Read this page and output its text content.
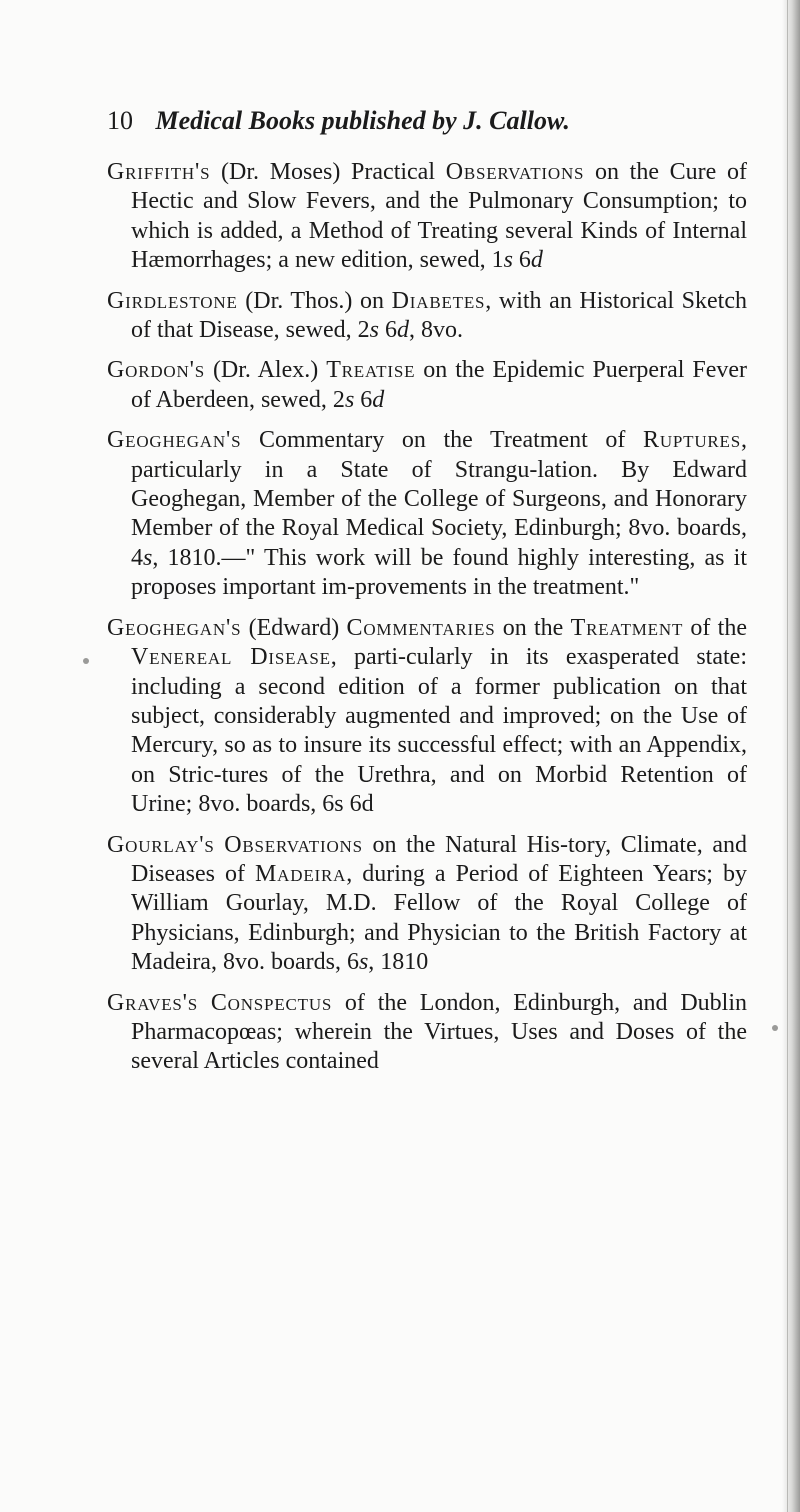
10 Medical Books published by J. Callow.

Griffith's (Dr. Moses) Practical Observations on the Cure of Hectic and Slow Fevers, and the Pulmonary Consumption; to which is added, a Method of Treating several Kinds of Internal Hæmorrhages; a new edition, sewed, 1s 6d

Girdlestone (Dr. Thos.) on Diabetes, with an Historical Sketch of that Disease, sewed, 2s 6d, 8vo.

Gordon's (Dr. Alex.) Treatise on the Epidemic Puerperal Fever of Aberdeen, sewed, 2s 6d

Geoghegan's Commentary on the Treatment of Ruptures, particularly in a State of Strangu-lation. By Edward Geoghegan, Member of the College of Surgeons, and Honorary Member of the Royal Medical Society, Edinburgh; 8vo. boards, 4s, 1810.—" This work will be found highly interesting, as it proposes important im-provements in the treatment."

Geoghegan's (Edward) Commentaries on the Treatment of the Venereal Disease, parti-cularly in its exasperated state: including a second edition of a former publication on that subject, considerably augmented and improved; on the Use of Mercury, so as to insure its successful effect; with an Appendix, on Stric-tures of the Urethra, and on Morbid Retention of Urine; 8vo. boards, 6s 6d

Gourlay's Observations on the Natural His-tory, Climate, and Diseases of Madeira, during a Period of Eighteen Years; by William Gourlay, M.D. Fellow of the Royal College of Physicians, Edinburgh; and Physician to the British Factory at Madeira, 8vo. boards, 6s, 1810

Graves's Conspectus of the London, Edinburgh, and Dublin Pharmacopœas; wherein the Virtues, Uses and Doses of the several Articles contained
